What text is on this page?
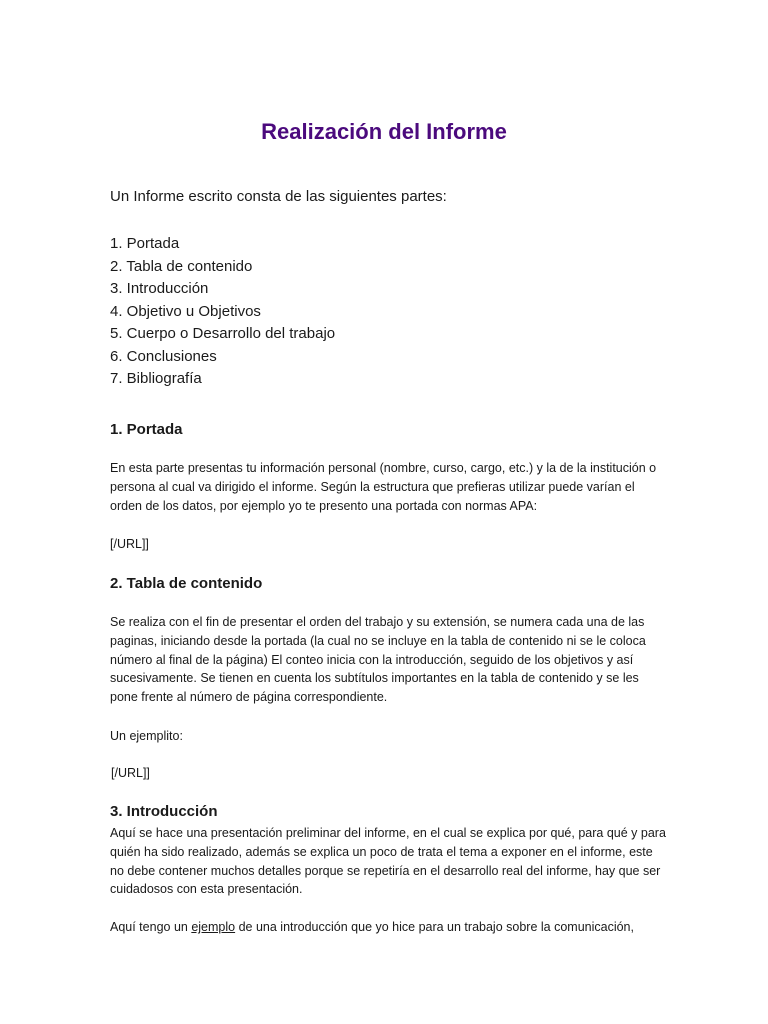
Realización del Informe

Un Informe escrito consta de las siguientes partes:

1. Portada
2. Tabla de contenido
3. Introducción
4. Objetivo u Objetivos
5. Cuerpo o Desarrollo del trabajo
6. Conclusiones
7. Bibliografía
1. Portada

En esta parte presentas tu información personal (nombre, curso, cargo, etc.) y la de la institución o persona al cual va dirigido el informe. Según la estructura que prefieras utilizar puede varían el orden de los datos, por ejemplo yo te presento una portada con normas APA:

[/URL]]

2. Tabla de contenido

Se realiza con el fin de presentar el orden del trabajo y su extensión, se numera cada una de las paginas, iniciando desde la portada (la cual no se incluye en la tabla de contenido ni se le coloca número al final de la página) El conteo inicia con la introducción, seguido de los objetivos y así sucesivamente. Se tienen en cuenta los subtítulos importantes en la tabla de contenido y se les pone frente al número de página correspondiente.

Un ejemplito:

[/URL]]

3. Introducción

Aquí se hace una presentación preliminar del informe, en el cual se explica por qué, para qué y para quién ha sido realizado, además se explica un poco de trata el tema a exponer en el informe, este no debe contener muchos detalles porque se repetiría en el desarrollo real del informe, hay que ser cuidadosos con esta presentación.

Aquí tengo un ejemplo de una introducción que yo hice para un trabajo sobre la comunicación,
